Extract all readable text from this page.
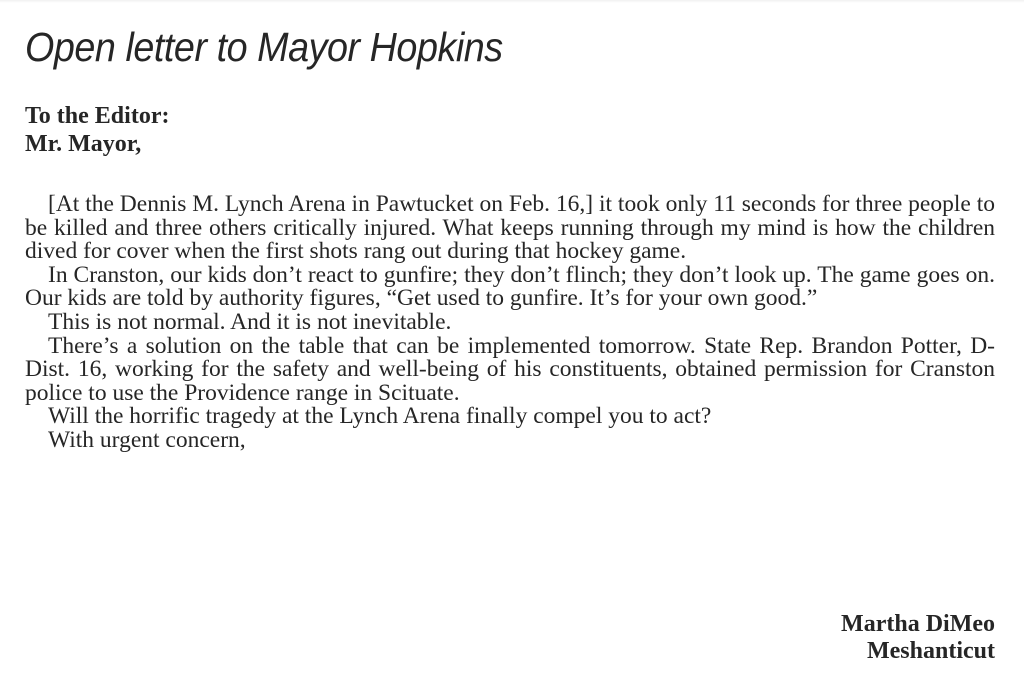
Open letter to Mayor Hopkins
To the Editor:
Mr. Mayor,

[At the Dennis M. Lynch Arena in Pawtucket on Feb. 16,] it took only 11 seconds for three people to be killed and three others critically injured. What keeps running through my mind is how the children dived for cover when the first shots rang out during that hockey game.

In Cranston, our kids don’t react to gunfire; they don’t flinch; they don’t look up. The game goes on. Our kids are told by authority figures, “Get used to gunfire. It’s for your own good.”

This is not normal. And it is not inevitable.

There’s a solution on the table that can be implemented tomorrow. State Rep. Brandon Potter, D-Dist. 16, working for the safety and well-being of his constituents, obtained permission for Cranston police to use the Providence range in Scituate.

Will the horrific tragedy at the Lynch Arena finally compel you to act?

With urgent concern,

Martha DiMeo
Meshanticut
